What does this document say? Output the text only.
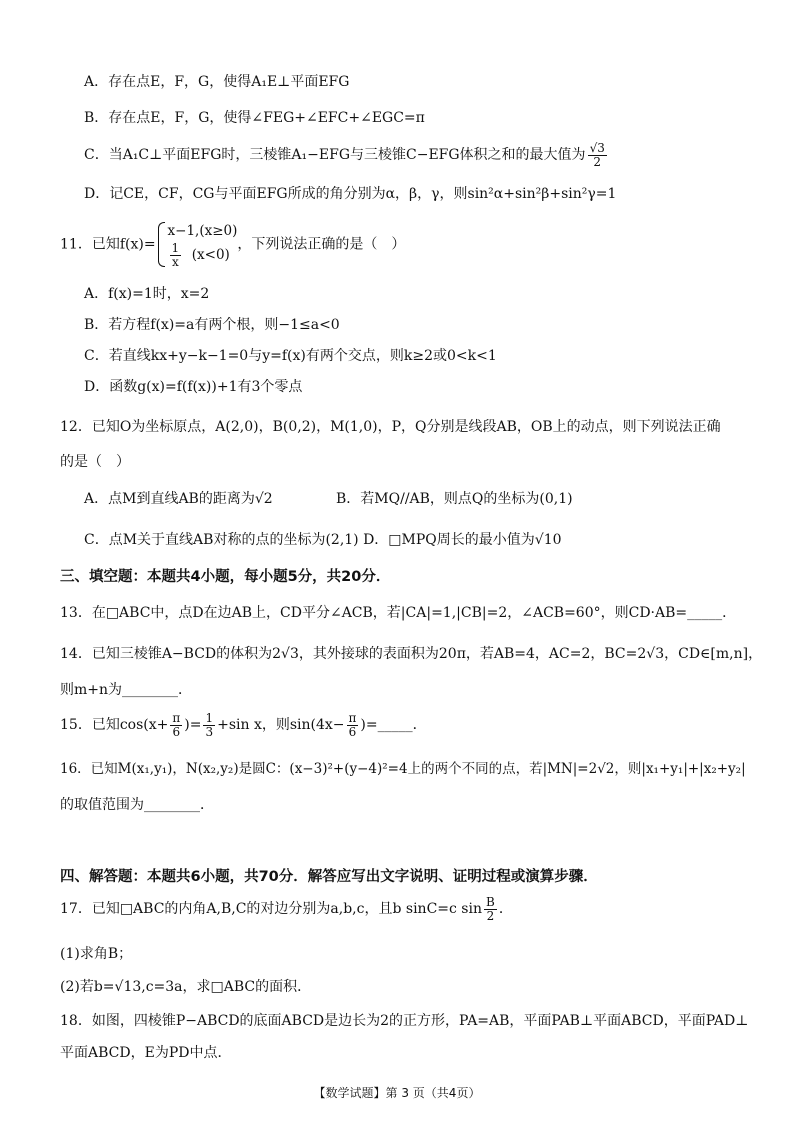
A．存在点E，F，G，使得A₁E⊥平面EFG
B．存在点E，F，G，使得∠FEG+∠EFC+∠EGC=π
C．当A₁C⊥平面EFG时，三棱锥A₁−EFG与三棱锥C−EFG体积之和的最大值为 $\frac{√3}{2}$
D．记CE，CF，CG与平面EFG所成的角分别为α，β，γ，则sin²α+sin²β+sin²γ=1
11．已知f(x)=
x−1,(x≥0)
$\frac{1}{x} (x<0)$
，下列说法正确的是（　）
A．f(x)=1时，x=2
B．若方程f(x)=a有两个根，则−1≤a<0
C．若直线kx+y−k−1=0与y=f(x)有两个交点，则k≥2或0<k<1
D．函数g(x)=f(f(x))+1有3个零点
12．已知O为坐标原点，A(2,0)，B(0,2)，M(1,0)，P，Q分别是线段AB，OB上的动点，则下列说法正确
的是（　）
A．点M到直线AB的距离为√2	B．若MQ//AB，则点Q的坐标为(0,1)
C．点M关于直线AB对称的点的坐标为(2,1) D．□MPQ周长的最小值为√10
三、填空题：本题共4小题，每小题5分，共20分．
13．在□ABC中，点D在边AB上，CD平分∠ACB，若|CA|=1,|CB|=2，∠ACB=60°，则CD·AB=_____．
14．已知三棱锥A−BCD的体积为2√3，其外接球的表面积为20π，若AB=4，AC=2，BC=2√3，CD∈[m,n]，
则m+n为________．
15．已知$\cos(x+ \frac{\pi}{6}$ )= $\frac{1}{3} +\sin$ x，则$\sin(4x- \frac{\pi}{6}$ )=_____．
16．已知M(x₁,y₁)，N(x₂,y₂)是圆C：(x−3)²+(y−4)²=4上的两个不同的点，若|MN|=2√2，则|x₁+y₁|+|x₂+y₂|
的取值范围为________．
四、解答题：本题共6小题，共70分．解答应写出文字说明、证明过程或演算步骤．
17．已知□ABC的内角A,B,C的对边分别为a,b,c，且b sinC=c $\sin \frac{B}{2}$ ．
(1)求角B；
(2)若b=√13,c=3a，求□ABC的面积．
18．如图，四棱锥P−ABCD的底面ABCD是边长为2的正方形，PA=AB，平面PAB⊥平面ABCD，平面PAD⊥
平面ABCD，E为PD中点．
【数学试题】第 3 页（共4页）
